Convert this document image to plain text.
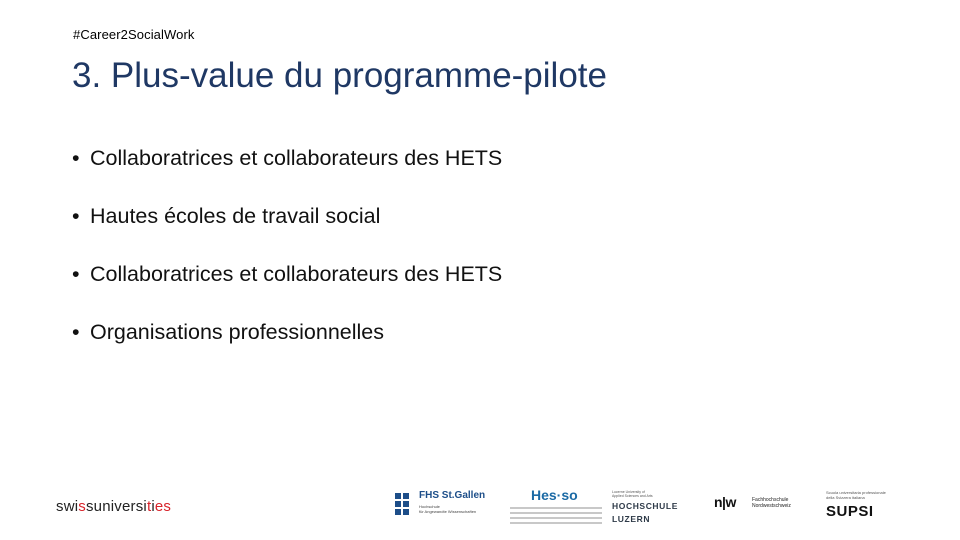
#Career2SocialWork
3. Plus-value du programme-pilote
• Collaboratrices et collaborateurs des HETS
• Hautes écoles de travail social
• Collaboratrices et collaborateurs des HETS
• Organisations professionnelles
swissuniversities
FHS St.Gallen
Hochschule
für Angewandte Wissenschaften
Hes·so	Lucerne University of
Applied Sciences and Arts
HOCHSCHULE
LUZERN
n|w	Fachhochschule
Nordwestschweiz
Scuola universitaria professionale
della Svizzera italiana
SUPSI
